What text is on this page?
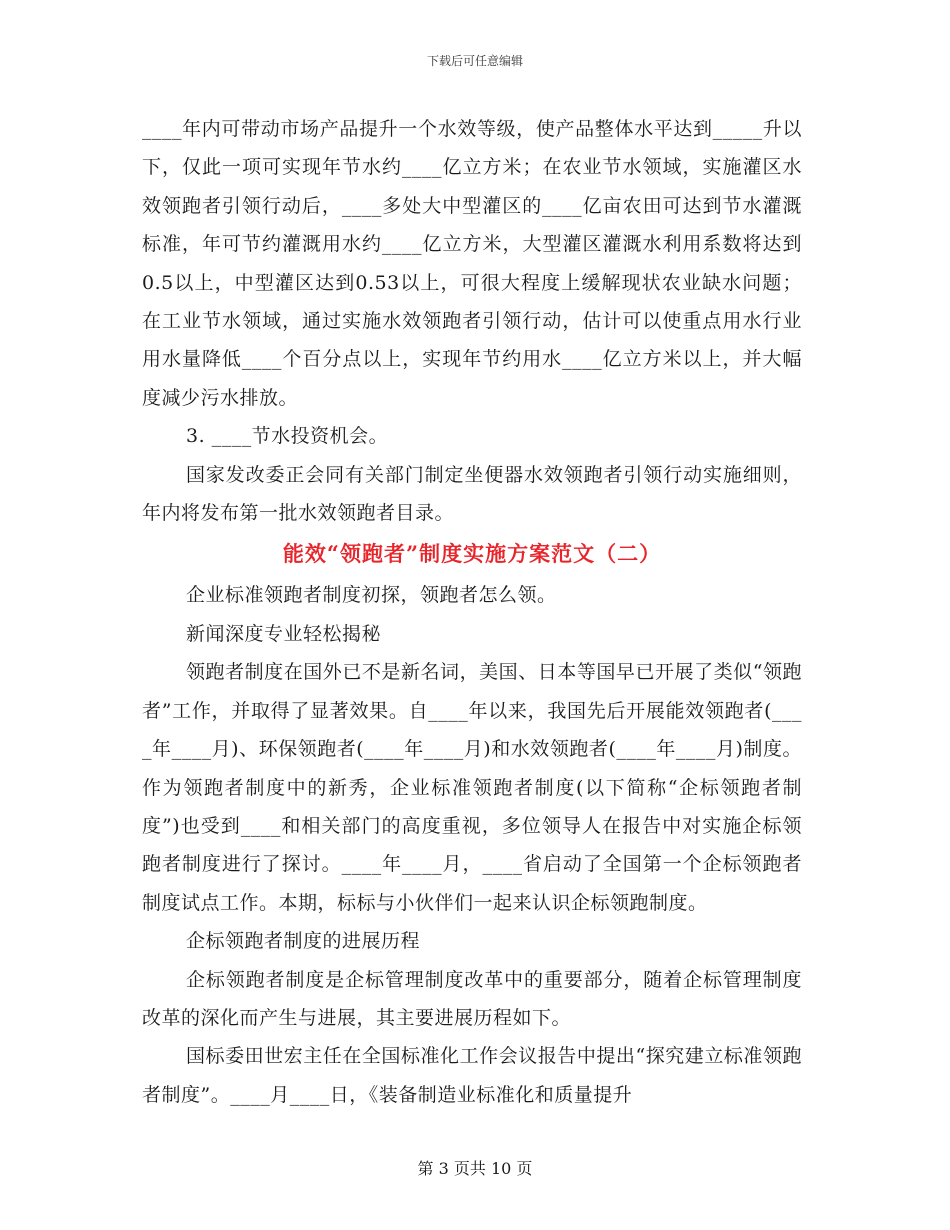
下载后可任意编辑

____年内可带动市场产品提升一个水效等级，使产品整体水平达到_____升以下，仅此一项可实现年节水约____亿立方米；在农业节水领域，实施灌区水效领跑者引领行动后，____多处大中型灌区的____亿亩农田可达到节水灌溉标准，年可节约灌溉用水约____亿立方米，大型灌区灌溉水利用系数将达到0.5以上，中型灌区达到0.53以上，可很大程度上缓解现状农业缺水问题；在工业节水领域，通过实施水效领跑者引领行动，估计可以使重点用水行业用水量降低____个百分点以上，实现年节约用水____亿立方米以上，并大幅度减少污水排放。

3. ____节水投资机会。

国家发改委正会同有关部门制定坐便器水效领跑者引领行动实施细则，年内将发布第一批水效领跑者目录。

能效“领跑者”制度实施方案范文（二）

企业标准领跑者制度初探，领跑者怎么领。

新闻深度专业轻松揭秘

领跑者制度在国外已不是新名词，美国、日本等国早已开展了类似“领跑者”工作，并取得了显著效果。自____年以来，我国先后开展能效领跑者(____年____月)、环保领跑者(____年____月)和水效领跑者(____年____月)制度。作为领跑者制度中的新秀，企业标准领跑者制度(以下简称“企标领跑者制度”)也受到____和相关部门的高度重视，多位领导人在报告中对实施企标领跑者制度进行了探讨。____年____月，____省启动了全国第一个企标领跑者制度试点工作。本期，标标与小伙伴们一起来认识企标领跑制度。

企标领跑者制度的进展历程

企标领跑者制度是企标管理制度改革中的重要部分，随着企标管理制度改革的深化而产生与进展，其主要进展历程如下。

国标委田世宏主任在全国标准化工作会议报告中提出“探究建立标准领跑者制度”。____月____日，《装备制造业标准化和质量提升

第 3 页共 10 页
